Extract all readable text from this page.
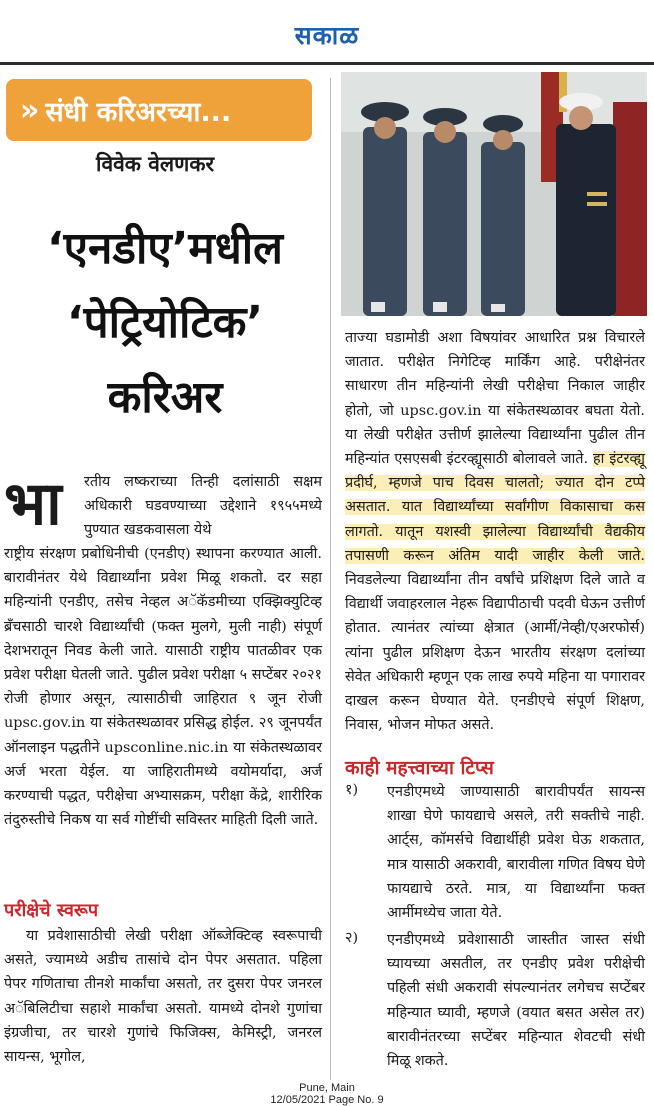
सकाळ
» संधी करिअरच्या...
विवेक वेलणकर
‘एनडीए’मधील
‘पेट्रियोटिक’
करिअर
भा रतीय लष्कराच्या तिन्ही दलांसाठी सक्षम अधिकारी घडवण्याच्या उद्देशाने १९५५मध्ये पुण्यात खडकवासला येथे

राष्ट्रीय संरक्षण प्रबोधिनीची (एनडीए) स्थापना करण्यात आली. बारावीनंतर येथे विद्यार्थ्यांना प्रवेश मिळू शकतो. दर सहा महिन्यांनी एनडीए, तसेच नेव्हल अॅकॅडमीच्या एक्झिक्युटिव्ह ब्रँचसाठी चारशे विद्यार्थ्यांची (फक्त मुलगे, मुली नाही) संपूर्ण देशभरातून निवड केली जाते. यासाठी राष्ट्रीय पातळीवर एक प्रवेश परीक्षा घेतली जाते. पुढील प्रवेश परीक्षा ५ सप्टेंबर २०२१ रोजी होणार असून, त्यासाठीची जाहिरात ९ जून रोजी upsc.gov.in या संकेतस्थळावर प्रसिद्ध होईल. २९ जूनपर्यंत ऑनलाइन पद्धतीने upsconline.nic.in या संकेतस्थळावर अर्ज भरता येईल. या जाहिरातीमध्ये वयोमर्यादा, अर्ज करण्याची पद्धत, परीक्षेचा अभ्यासक्रम, परीक्षा केंद्रे, शारीरिक तंदुरुस्तीचे निकष या सर्व गोष्टींची सविस्तर माहिती दिली जाते.

परीक्षेचे स्वरूप

या प्रवेशासाठीची लेखी परीक्षा ऑब्जेक्टिव्ह स्वरूपाची असते, ज्यामध्ये अडीच तासांचे दोन पेपर असतात. पहिला पेपर गणिताचा तीनशे मार्कांचा असतो, तर दुसरा पेपर जनरल अॅबिलिटीचा सहाशे मार्कांचा असतो. यामध्ये दोनशे गुणांचा इंग्रजीचा, तर चारशे गुणांचे फिजिक्स, केमिस्ट्री, जनरल सायन्स, भूगोल,

ताज्या घडामोडी अशा विषयांवर आधारित प्रश्न विचारले जातात. परीक्षेत निगेटिव्ह मार्किंग आहे. परीक्षेनंतर साधारण तीन महिन्यांनी लेखी परीक्षेचा निकाल जाहीर होतो, जो upsc.gov.in या संकेतस्थळावर बघता येतो. या लेखी परीक्षेत उत्तीर्ण झालेल्या विद्यार्थ्यांना पुढील तीन महिन्यांत एसएसबी इंटरव्ह्यूसाठी बोलावले जाते. हा इंटरव्ह्यू प्रदीर्घ, म्हणजे पाच दिवस चालतो; ज्यात दोन टप्पे असतात. यात विद्यार्थ्यांच्या सर्वांगीण विकासाचा कस लागतो. यातून यशस्वी झालेल्या विद्यार्थ्यांची वैद्यकीय तपासणी करून अंतिम यादी जाहीर केली जाते. निवडलेल्या विद्यार्थ्यांना तीन वर्षांचे प्रशिक्षण दिले जाते व विद्यार्थी जवाहरलाल नेहरू विद्यापीठाची पदवी घेऊन उत्तीर्ण होतात. त्यानंतर त्यांच्या क्षेत्रात (आर्मी/नेव्ही/एअरफोर्स) त्यांना पुढील प्रशिक्षण देऊन भारतीय संरक्षण दलांच्या सेवेत अधिकारी म्हणून एक लाख रुपये महिना या पगारावर दाखल करून घेण्यात येते. एनडीएचे संपूर्ण शिक्षण, निवास, भोजन मोफत असते.

काही महत्त्वाच्या टिप्स
१) एनडीएमध्ये जाण्यासाठी बारावीपर्यंत सायन्स शाखा घेणे फायद्याचे असले, तरी सक्तीचे नाही. आर्ट्‌स, कॉमर्सचे विद्यार्थीही प्रवेश घेऊ शकतात, मात्र यासाठी अकरावी, बारावीला गणित विषय घेणे फायद्याचे ठरते. मात्र, या विद्यार्थ्यांना फक्त आर्मीमध्येच जाता येते.
२) एनडीएमध्ये प्रवेशासाठी जास्तीत जास्त संधी घ्यायच्या असतील, तर एनडीए प्रवेश परीक्षेची पहिली संधी अकरावी संपल्यानंतर लगेचच सप्टेंबर महिन्यात घ्यावी, म्हणजे (वयात बसत असेल तर) बारावीनंतरच्या सप्टेंबर महिन्यात शेवटची संधी मिळू शकते.
Pune, Main
12/05/2021 Page No. 9
